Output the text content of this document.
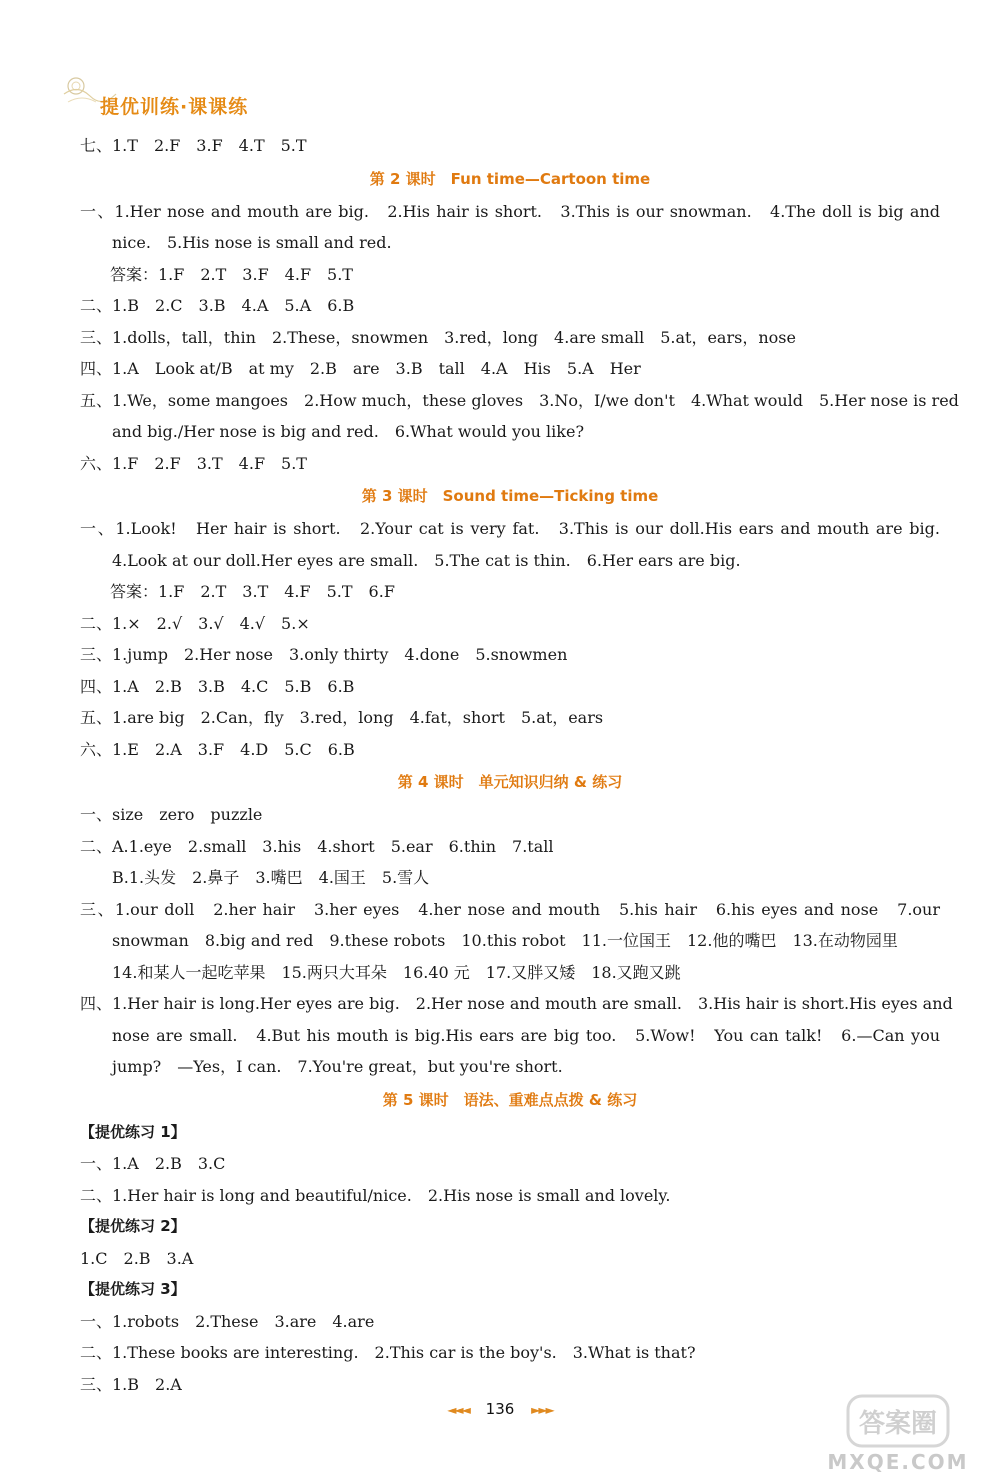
提优训练·课课练
七、1.T　2.F　3.F　4.T　5.T
第 2 课时　Fun time—Cartoon time
一、1.Her nose and mouth are big.　2.His hair is short.　3.This is our snowman.　4.The doll is big and
nice.　5.His nose is small and red.
答案：1.F　2.T　3.F　4.F　5.T
二、1.B　2.C　3.B　4.A　5.A　6.B
三、1.dolls，tall，thin　2.These，snowmen　3.red，long　4.are small　5.at，ears，nose
四、1.A　Look at/B　at my　2.B　are　3.B　tall　4.A　His　5.A　Her
五、1.We，some mangoes　2.How much，these gloves　3.No，I/we don't　4.What would　5.Her nose is red
and big./Her nose is big and red.　6.What would you like?
六、1.F　2.F　3.T　4.F　5.T
第 3 课时　Sound time—Ticking time
一、1.Look!　Her hair is short.　2.Your cat is very fat.　3.This is our doll.His ears and mouth are big.
4.Look at our doll.Her eyes are small.　5.The cat is thin.　6.Her ears are big.
答案：1.F　2.T　3.T　4.F　5.T　6.F
二、1.×　2.√　3.√　4.√　5.×
三、1.jump　2.Her nose　3.only thirty　4.done　5.snowmen
四、1.A　2.B　3.B　4.C　5.B　6.B
五、1.are big　2.Can，fly　3.red，long　4.fat，short　5.at，ears
六、1.E　2.A　3.F　4.D　5.C　6.B
第 4 课时　单元知识归纳 & 练习
一、size　zero　puzzle
二、A.1.eye　2.small　3.his　4.short　5.ear　6.thin　7.tall
B.1.头发　2.鼻子　3.嘴巴　4.国王　5.雪人
三、1.our doll　2.her hair　3.her eyes　4.her nose and mouth　5.his hair　6.his eyes and nose　7.our
snowman　8.big and red　9.these robots　10.this robot　11.一位国王　12.他的嘴巴　13.在动物园里
14.和某人一起吃苹果　15.两只大耳朵　16.40 元　17.又胖又矮　18.又跑又跳
四、1.Her hair is long.Her eyes are big.　2.Her nose and mouth are small.　3.His hair is short.His eyes and
nose are small.　4.But his mouth is big.His ears are big too.　5.Wow!　You can talk!　6.—Can you
jump?　—Yes，I can.　7.You're great，but you're short.
第 5 课时　语法、重难点点拨 & 练习
【提优练习 1】
一、1.A　2.B　3.C
二、1.Her hair is long and beautiful/nice.　2.His nose is small and lovely.
【提优练习 2】
1.C　2.B　3.A
【提优练习 3】
一、1.robots　2.These　3.are　4.are
二、1.These books are interesting.　2.This car is the boy's.　3.What is that?
三、1.B　2.A
◄◄◄ 136 ►►►	答案圈
MXQE.COM
